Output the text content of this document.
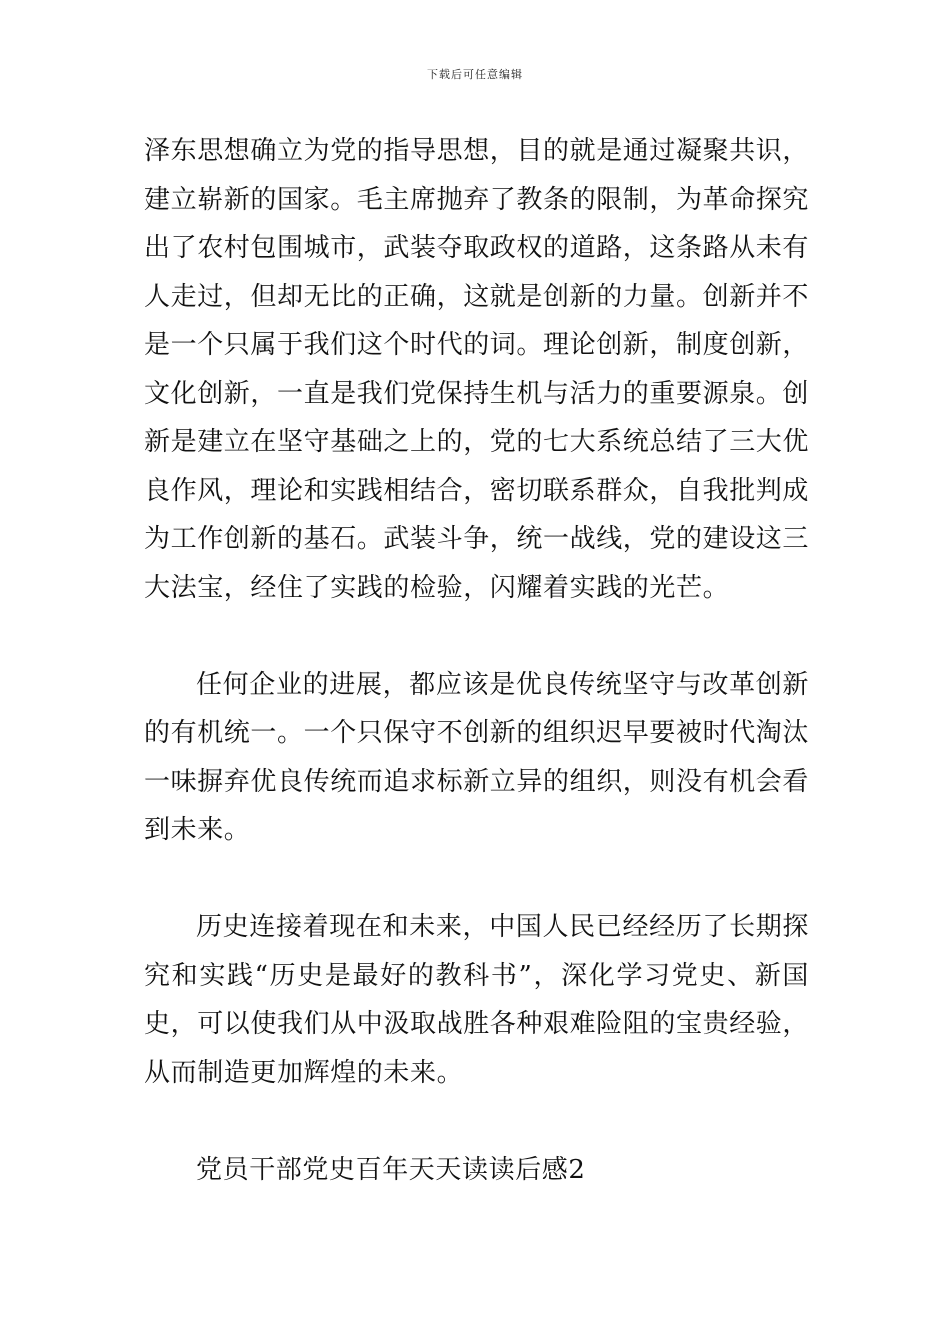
下载后可任意编辑

泽东思想确立为党的指导思想，目的就是通过凝聚共识，建立崭新的国家。毛主席抛弃了教条的限制，为革命探究出了农村包围城市，武装夺取政权的道路，这条路从未有人走过，但却无比的正确，这就是创新的力量。创新并不是一个只属于我们这个时代的词。理论创新，制度创新，文化创新，一直是我们党保持生机与活力的重要源泉。创新是建立在坚守基础之上的，党的七大系统总结了三大优良作风，理论和实践相结合，密切联系群众，自我批判成为工作创新的基石。武装斗争，统一战线，党的建设这三大法宝，经住了实践的检验，闪耀着实践的光芒。

任何企业的进展，都应该是优良传统坚守与改革创新的有机统一。一个只保守不创新的组织迟早要被时代淘汰一味摒弃优良传统而追求标新立异的组织，则没有机会看到未来。

历史连接着现在和未来，中国人民已经经历了长期探究和实践“历史是最好的教科书”，深化学习党史、新国史，可以使我们从中汲取战胜各种艰难险阻的宝贵经验，从而制造更加辉煌的未来。

党员干部党史百年天天读读后感2
